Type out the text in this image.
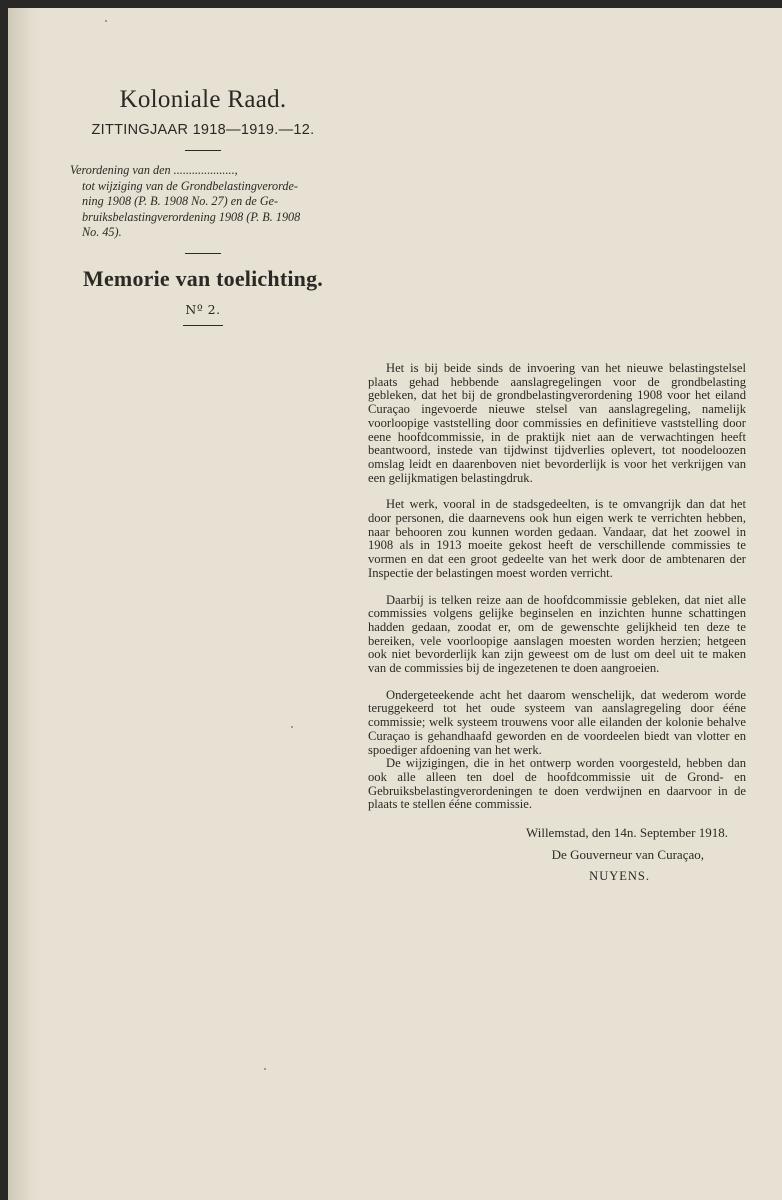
Koloniale Raad.
ZITTINGJAAR 1918—1919.—12.
Verordening van den ....................,
tot wijziging van de Grondbelastingverorde-
ning 1908 (P. B. 1908 No. 27) en de Ge-
bruiksbelastingverordening 1908 (P. B. 1908
No. 45).
Memorie van toelichting.
Nº 2.

Het is bij beide sinds de invoering van het nieuwe belastingstelsel plaats gehad hebbende aanslagregelingen voor de grondbelasting gebleken, dat het bij de grondbelastingverordening 1908 voor het eiland Curaçao ingevoerde nieuwe stelsel van aanslagregeling, namelijk voorloopige vaststelling door commissies en definitieve vaststelling door eene hoofdcommissie, in de praktijk niet aan de verwachtingen heeft beantwoord, instede van tijdwinst tijdverlies oplevert, tot noodeloozen omslag leidt en daarenboven niet bevorderlijk is voor het verkrijgen van een gelijkmatigen belastingdruk.

Het werk, vooral in de stadsgedeelten, is te omvangrijk dan dat het door personen, die daarnevens ook hun eigen werk te verrichten hebben, naar behooren zou kunnen worden gedaan. Vandaar, dat het zoowel in 1908 als in 1913 moeite gekost heeft de verschillende commissies te vormen en dat een groot gedeelte van het werk door de ambtenaren der Inspectie der belastingen moest worden verricht.

Daarbij is telken reize aan de hoofdcommissie gebleken, dat niet alle commissies volgens gelijke beginselen en inzichten hunne schattingen hadden gedaan, zoodat er, om de gewenschte gelijkheid ten deze te bereiken, vele voorloopige aanslagen moesten worden herzien; hetgeen ook niet bevorderlijk kan zijn geweest om de lust om deel uit te maken van de commissies bij de ingezetenen te doen aangroeien.

Ondergeteekende acht het daarom wenschelijk, dat wederom worde teruggekeerd tot het oude systeem van aanslagregeling door ééne commissie; welk systeem trouwens voor alle eilanden der kolonie behalve Curaçao is gehandhaafd geworden en de voordeelen biedt van vlotter en spoediger afdoening van het werk.

De wijzigingen, die in het ontwerp worden voorgesteld, hebben dan ook alle alleen ten doel de hoofdcommissie uit de Grond- en Gebruiksbelastingverordeningen te doen verdwijnen en daarvoor in de plaats te stellen ééne commissie.

Willemstad, den 14n. September 1918.

De Gouverneur van Curaçao,

NUYENS.
